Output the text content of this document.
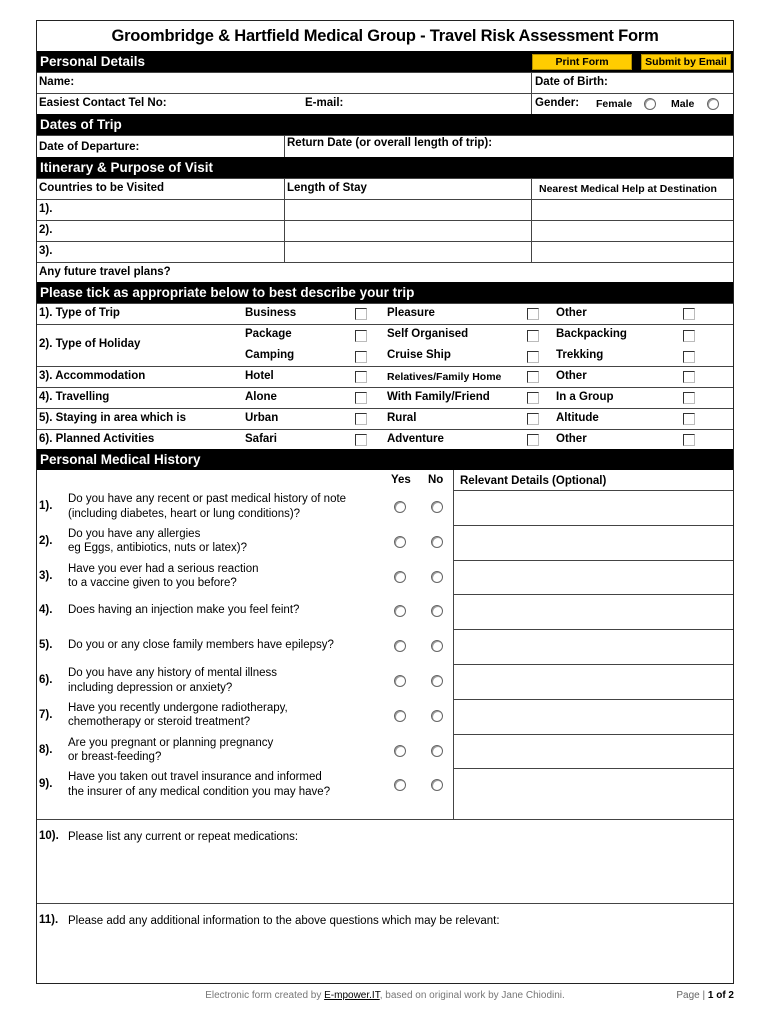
Groombridge & Hartfield Medical Group - Travel Risk Assessment Form
Personal Details	Print Form	Submit by Email
Name:	Date of Birth:
Easiest Contact Tel No:	E-mail:	Gender: Female	Male
Dates of Trip
Date of Departure:	Return Date (or overall length of trip):
Itinerary & Purpose of Visit
Countries to be Visited	Length of Stay	Nearest Medical Help at Destination
1).
2).
3).
Any future travel plans?
Please tick as appropriate below to best describe your trip
1). Type of Trip	Business	Pleasure	Other
2). Type of Holiday
Package	Self Organised	Backpacking
Camping	Cruise Ship	Trekking
3). Accommodation	Hotel	Relatives/Family Home	Other
4). Travelling	Alone	With Family/Friend	In a Group
5). Staying in area which is	Urban	Rural	Altitude
6). Planned Activities	Safari	Adventure	Other
Personal Medical History
Yes No Relevant Details (Optional)
1).
Do you have any recent or past medical history of note
(including diabetes, heart or lung conditions)?
2).
Do you have any allergies
eg Eggs, antibiotics, nuts or latex)?
3).
Have you ever had a serious reaction
to a vaccine given to you before?
4). Does having an injection make you feel feint?
5). Do you or any close family members have epilepsy?
6).
Do you have any history of mental illness
including depression or anxiety?
7).
Have you recently undergone radiotherapy,
chemotherapy or steroid treatment?
8).
Are you pregnant or planning pregnancy
or breast-feeding?
9).
Have you taken out travel insurance and informed
the insurer of any medical condition you may have?
10). Please list any current or repeat medications:
11). Please add any additional information to the above questions which may be relevant:
Electronic form created by E-mpower.IT, based on original work by Jane Chiodini.	Page | 1 of 2
